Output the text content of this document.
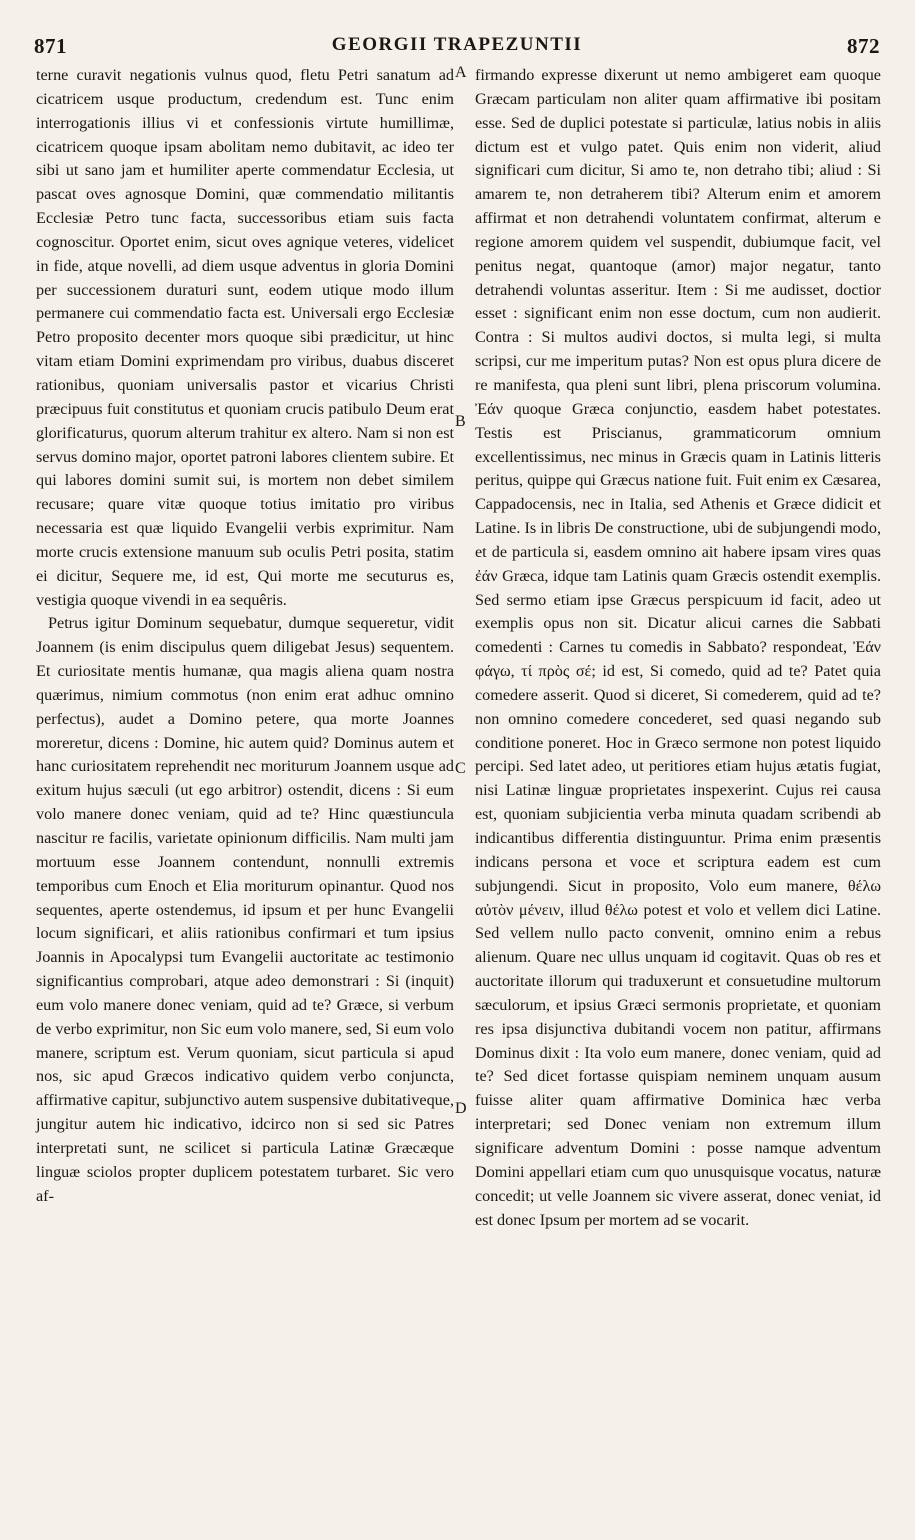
871	GEORGII TRAPEZUNTII	872

terne curavit negationis vulnus quod, fletu Petri sanatum ad cicatricem usque productum, credendum est. Tunc enim interrogationis illius vi et confessionis virtute humillimæ, cicatricem quoque ipsam abolitam nemo dubitavit, ac ideo ter sibi ut sano jam et humiliter aperte commendatur Ecclesia, ut pascat oves agnosque Domini, quæ commendatio militantis Ecclesiæ Petro tunc facta, successoribus etiam suis facta cognoscitur. Oportet enim, sicut oves agnique veteres, videlicet in fide, atque novelli, ad diem usque adventus in gloria Domini per successionem duraturi sunt, eodem utique modo illum permanere cui commendatio facta est. Universali ergo Ecclesiæ Petro proposito decenter mors quoque sibi prædicitur, ut hinc vitam etiam Domini exprimendam pro viribus, duabus disceret rationibus, quoniam universalis pastor et vicarius Christi præcipuus fuit constitutus et quoniam crucis patibulo Deum erat glorificaturus, quorum alterum trahitur ex altero. Nam si non est servus domino major, oportet patroni labores clientem subire. Et qui labores domini sumit sui, is mortem non debet similem recusare; quare vitæ quoque totius imitatio pro viribus necessaria est quæ liquido Evangelii verbis exprimitur. Nam morte crucis extensione manuum sub oculis Petri posita, statim ei dicitur, Sequere me, id est, Qui morte me secuturus es, vestigia quoque vivendi in ea sequêris.

Petrus igitur Dominum sequebatur, dumque sequeretur, vidit Joannem (is enim discipulus quem diligebat Jesus) sequentem. Et curiositate mentis humanæ, qua magis aliena quam nostra quærimus, nimium commotus (non enim erat adhuc omnino perfectus), audet a Domino petere, qua morte Joannes moreretur, dicens : Domine, hic autem quid? Dominus autem et hanc curiositatem reprehendit nec moriturum Joannem usque ad exitum hujus sæculi (ut ego arbitror) ostendit, dicens : Si eum volo manere donec veniam, quid ad te? Hinc quæstiuncula nascitur re facilis, varietate opinionum difficilis. Nam multi jam mortuum esse Joannem contendunt, nonnulli extremis temporibus cum Enoch et Elia moriturum opinantur. Quod nos sequentes, aperte ostendemus, id ipsum et per hunc Evangelii locum significari, et aliis rationibus confirmari et tum ipsius Joannis in Apocalypsi tum Evangelii auctoritate ac testimonio significantius comprobari, atque adeo demonstrari : Si (inquit) eum volo manere donec veniam, quid ad te? Græce, si verbum de verbo exprimitur, non Sic eum volo manere, sed, Si eum volo manere, scriptum est. Verum quoniam, sicut particula si apud nos, sic apud Græcos indicativo quidem verbo conjuncta, affirmative capitur, subjunctivo autem suspensive dubitativeque, jungitur autem hic indicativo, idcirco non si sed sic Patres interpretati sunt, ne scilicet si particula Latinæ Græcæque linguæ sciolos propter duplicem potestatem turbaret. Sic vero af-

firmando expresse dixerunt ut nemo ambigeret eam quoque Græcam particulam non aliter quam affirmative ibi positam esse. Sed de duplici potestate si particulæ, latius nobis in aliis dictum est et vulgo patet. Quis enim non viderit, aliud significari cum dicitur, Si amo te, non detraho tibi; aliud : Si amarem te, non detraherem tibi? Alterum enim et amorem affirmat et non detrahendi voluntatem confirmat, alterum e regione amorem quidem vel suspendit, dubiumque facit, vel penitus negat, quantoque (amor) major negatur, tanto detrahendi voluntas asseritur. Item : Si me audisset, doctior esset : significant enim non esse doctum, cum non audierit. Contra : Si multos audivi doctos, si multa legi, si multa scripsi, cur me imperitum putas? Non est opus plura dicere de re manifesta, qua pleni sunt libri, plena priscorum volumina. Ἐάν quoque Græca conjunctio, easdem habet potestates. Testis est Priscianus, grammaticorum omnium excellentissimus, nec minus in Græcis quam in Latinis litteris peritus, quippe qui Græcus natione fuit. Fuit enim ex Cæsarea, Cappadocensis, nec in Italia, sed Athenis et Græce didicit et Latine. Is in libris De constructione, ubi de subjungendi modo, et de particula si, easdem omnino ait habere ipsam vires quas ἐάν Græca, idque tam Latinis quam Græcis ostendit exemplis. Sed sermo etiam ipse Græcus perspicuum id facit, adeo ut exemplis opus non sit. Dicatur alicui carnes die Sabbati comedenti : Carnes tu comedis in Sabbato? respondeat, Ἐάν φάγω, τί πρὸς σέ; id est, Si comedo, quid ad te? Patet quia comedere asserit. Quod si diceret, Si comederem, quid ad te? non omnino comedere concederet, sed quasi negando sub conditione poneret. Hoc in Græco sermone non potest liquido percipi. Sed latet adeo, ut peritiores etiam hujus ætatis fugiat, nisi Latinæ linguæ proprietates inspexerint. Cujus rei causa est, quoniam subjicientia verba minuta quadam scribendi ab indicantibus differentia distinguuntur. Prima enim præsentis indicans persona et voce et scriptura eadem est cum subjungendi. Sicut in proposito, Volo eum manere, θέλω αὐτὸν μένειν, illud θέλω potest et volo et vellem dici Latine. Sed vellem nullo pacto convenit, omnino enim a rebus alienum. Quare nec ullus unquam id cogitavit. Quas ob res et auctoritate illorum qui traduxerunt et consuetudine multorum sæculorum, et ipsius Græci sermonis proprietate, et quoniam res ipsa disjunctiva dubitandi vocem non patitur, affirmans Dominus dixit : Ita volo eum manere, donec veniam, quid ad te? Sed dicet fortasse quispiam neminem unquam ausum fuisse aliter quam affirmative Dominica hæc verba interpretari; sed Donec veniam non extremum illum significare adventum Domini : posse namque adventum Domini appellari etiam cum quo unusquisque vocatus, naturæ concedit; ut velle Joannem sic vivere asserat, donec veniat, id est donec Ipsum per mortem ad se vocarit.

A
B
C
D
